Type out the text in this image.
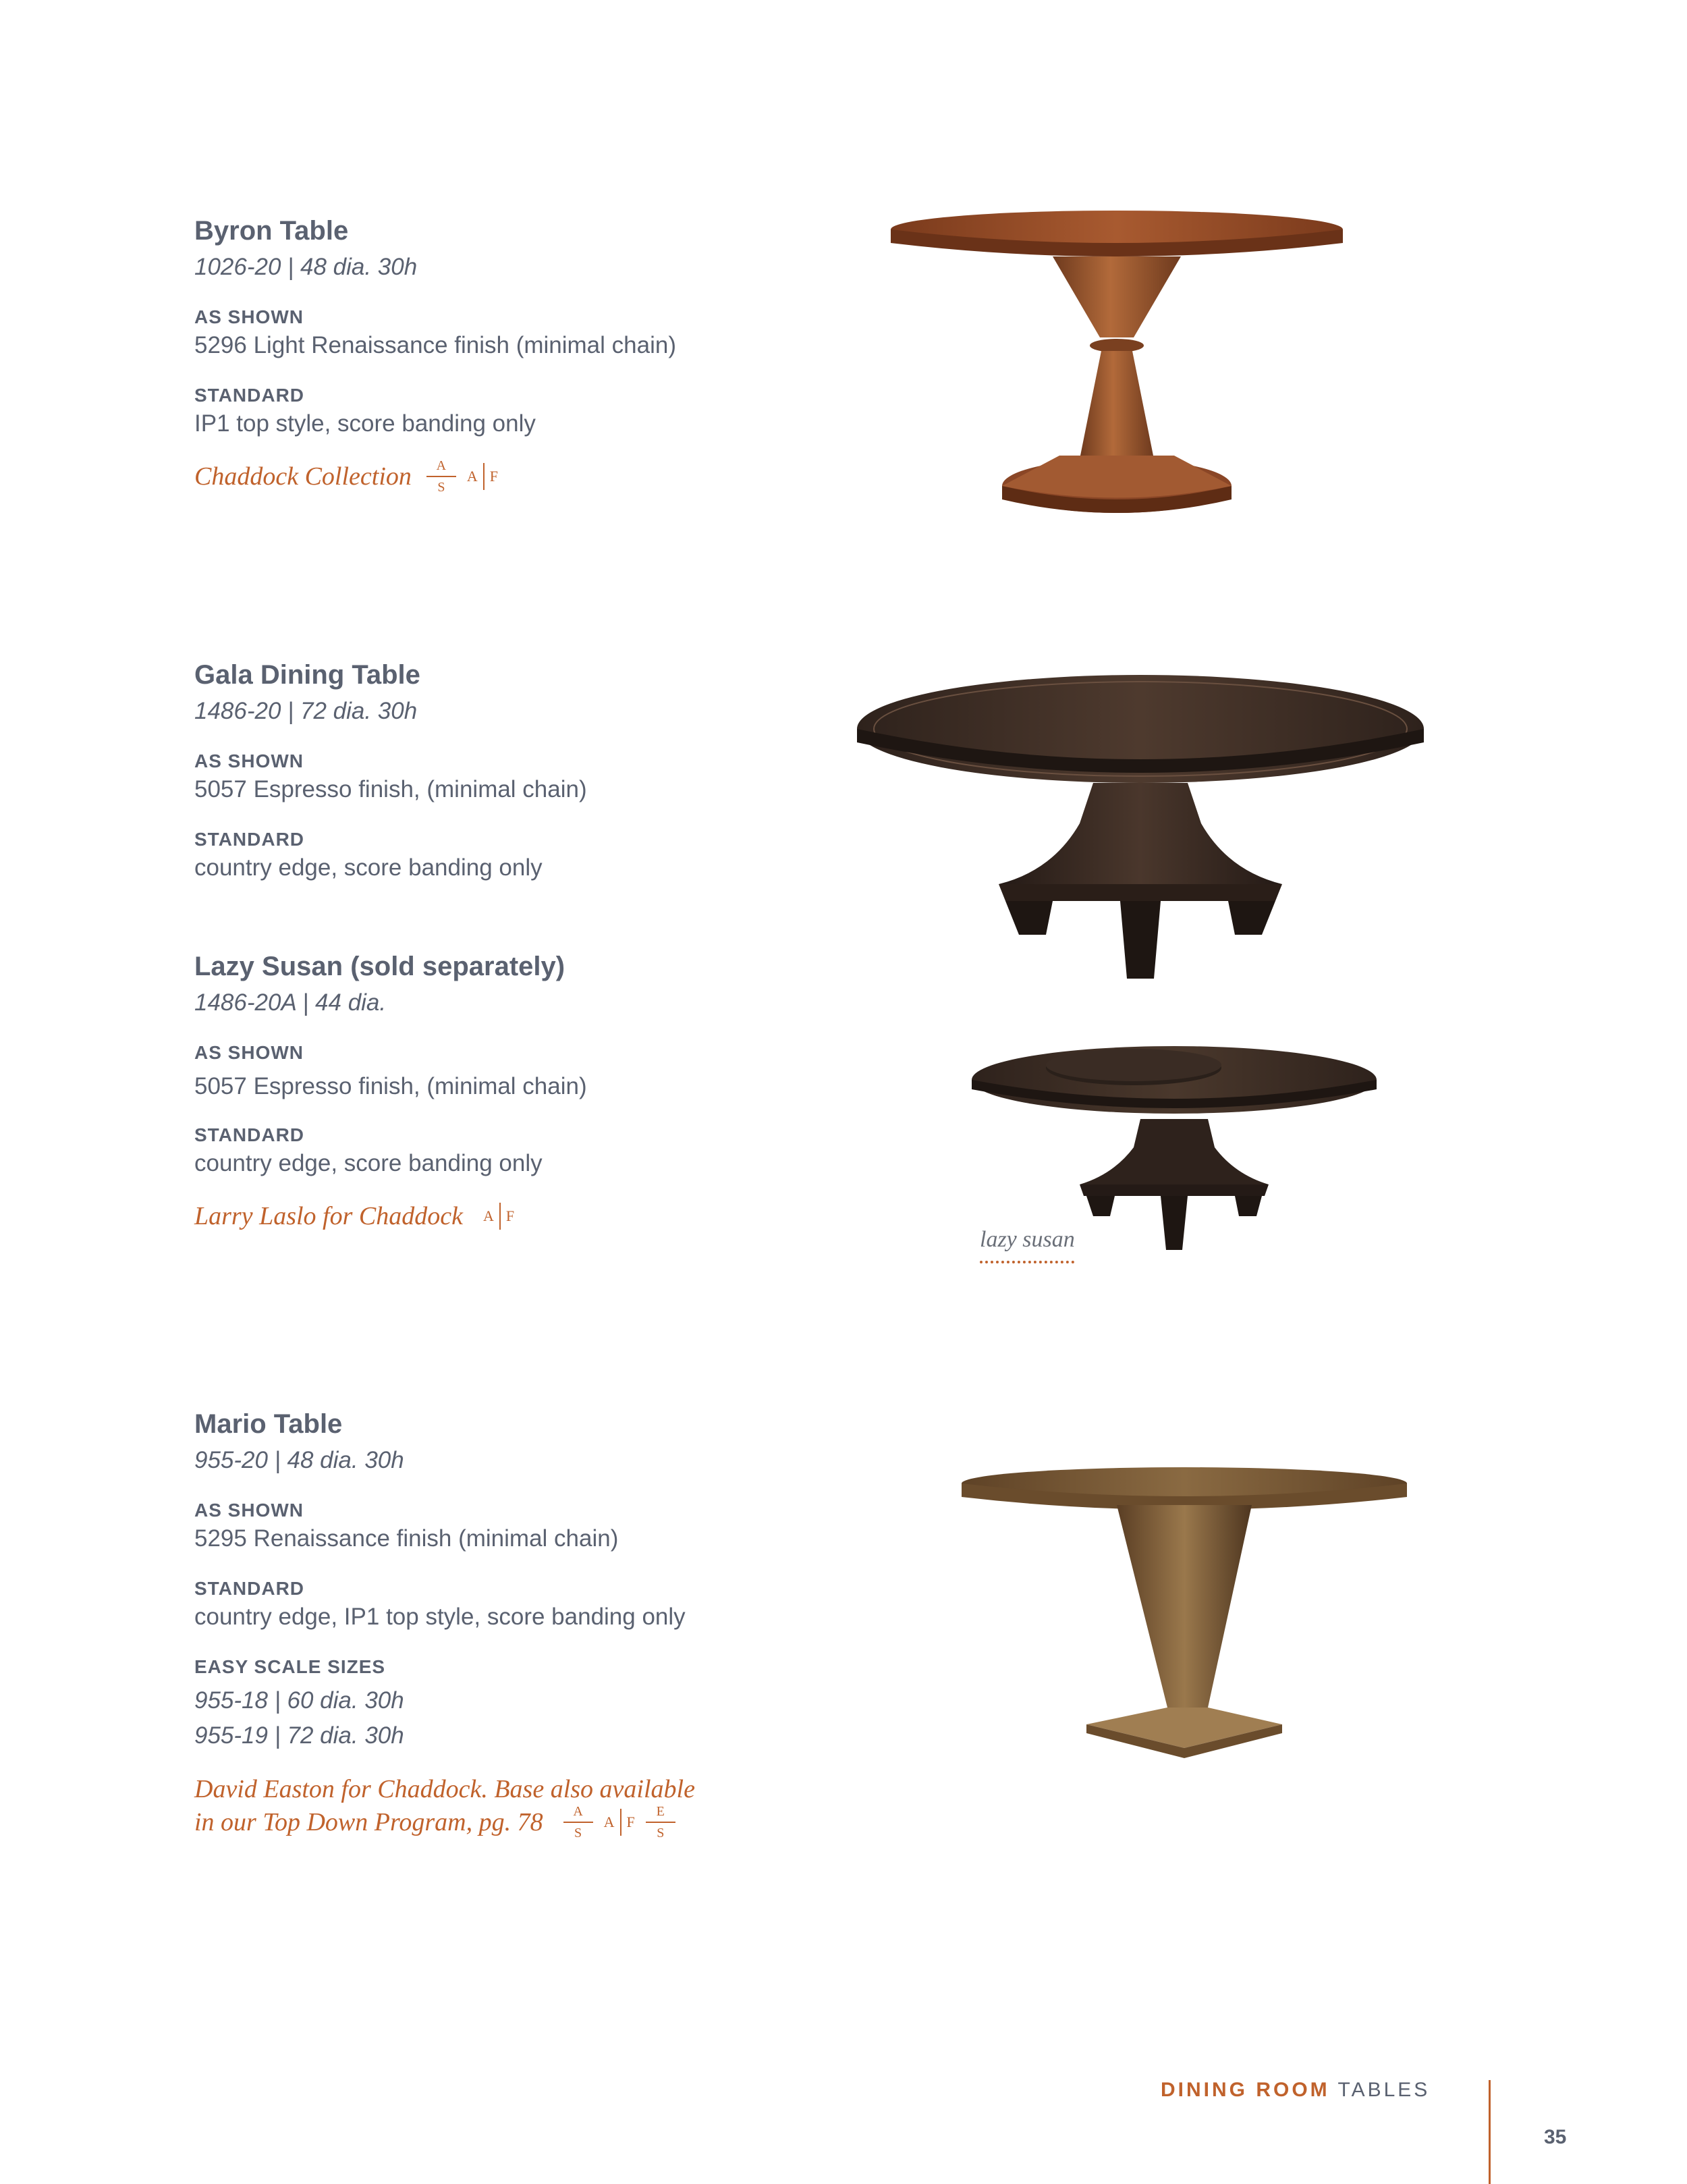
Byron Table
1026-20 | 48 dia. 30h
AS SHOWN
5296 Light Renaissance finish (minimal chain)
STANDARD
IP1 top style, score banding only
Chaddock Collection $\frac{A}{S}$ A F
Gala Dining Table
1486-20 | 72 dia. 30h
AS SHOWN
5057 Espresso finish, (minimal chain)
STANDARD
country edge, score banding only
Lazy Susan (sold separately)
1486-20A | 44 dia.
AS SHOWN
5057 Espresso finish, (minimal chain)
STANDARD
country edge, score banding only
Larry Laslo for Chaddock A F
lazy susan
Mario Table
955-20 | 48 dia. 30h
AS SHOWN
5295 Renaissance finish (minimal chain)
STANDARD
country edge, IP1 top style, score banding only
EASY SCALE SIZES
955-18 | 60 dia. 30h
955-19 | 72 dia. 30h
David Easton for Chaddock. Base also available
in our Top Down Program, pg. $78 \frac{A}{S}$ A F $\frac{E}{S}$
DINING ROOM TABLES
35
